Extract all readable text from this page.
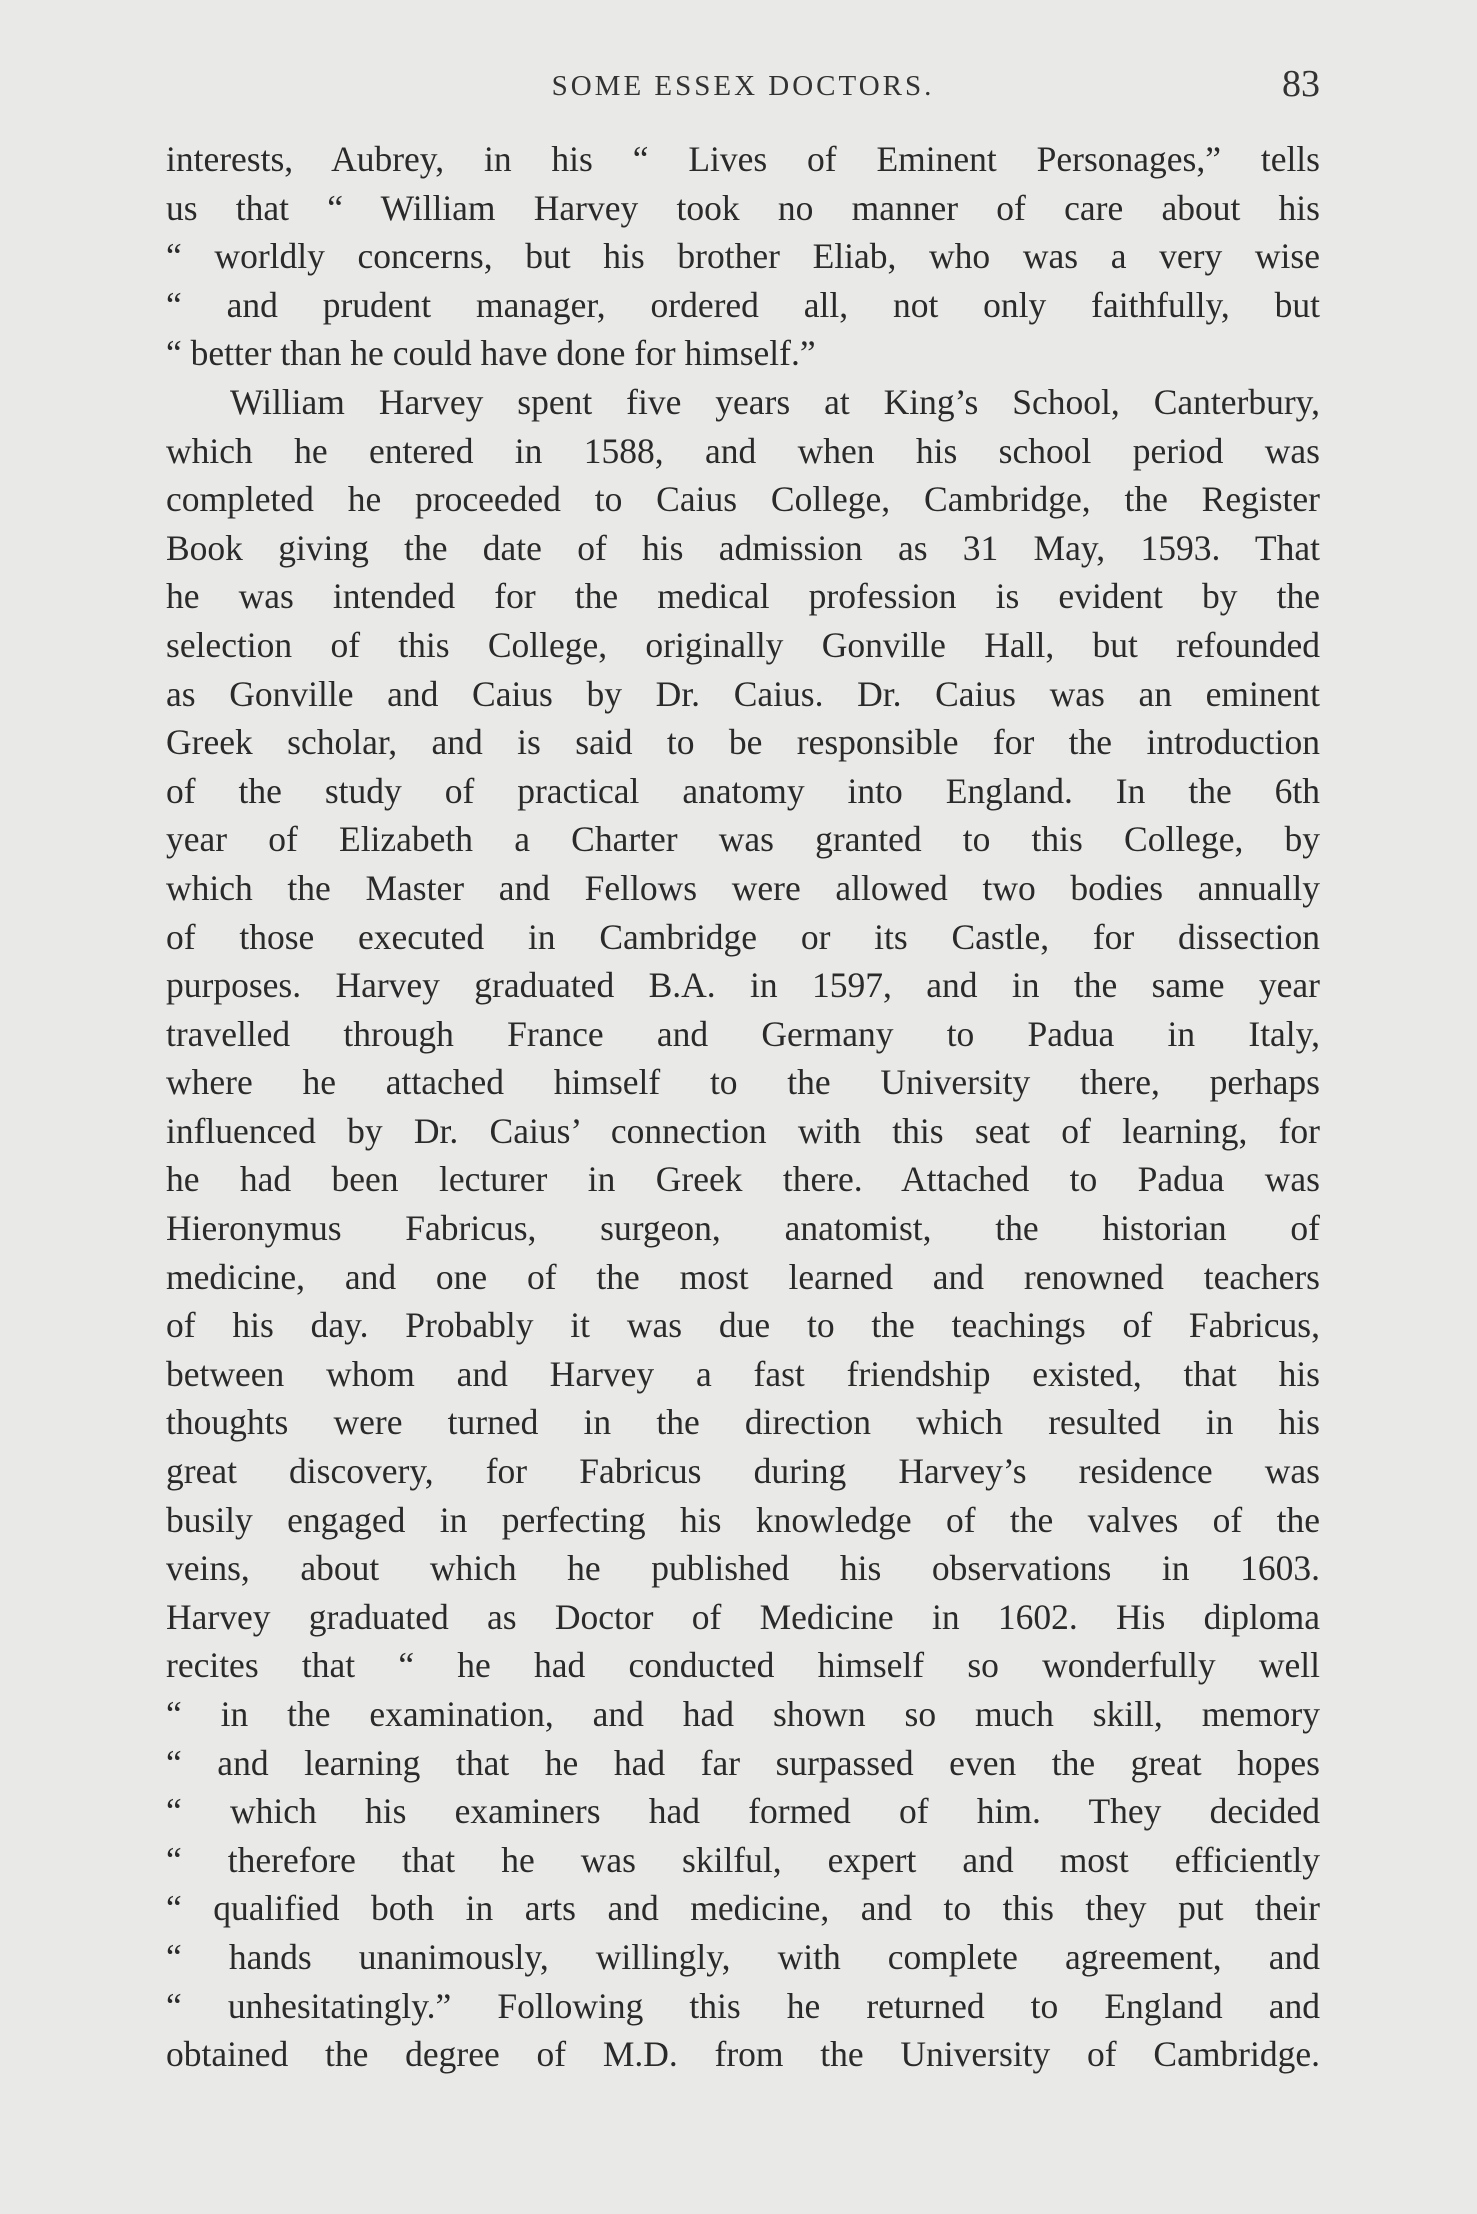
SOME ESSEX DOCTORS.	83
interests, Aubrey, in his “ Lives of Eminent Personages,” tells
us that “ William Harvey took no manner of care about his
“ worldly concerns, but his brother Eliab, who was a very wise
“ and prudent manager, ordered all, not only faithfully, but
“ better than he could have done for himself.”
William Harvey spent five years at King’s School, Canterbury,
which he entered in 1588, and when his school period was
completed he proceeded to Caius College, Cambridge, the Register
Book giving the date of his admission as 31 May, 1593. That
he was intended for the medical profession is evident by the
selection of this College, originally Gonville Hall, but refounded
as Gonville and Caius by Dr. Caius. Dr. Caius was an eminent
Greek scholar, and is said to be responsible for the introduction
of the study of practical anatomy into England. In the 6th
year of Elizabeth a Charter was granted to this College, by
which the Master and Fellows were allowed two bodies annually
of those executed in Cambridge or its Castle, for dissection
purposes. Harvey graduated B.A. in 1597, and in the same year
travelled through France and Germany to Padua in Italy,
where he attached himself to the University there, perhaps
influenced by Dr. Caius’ connection with this seat of learning, for
he had been lecturer in Greek there. Attached to Padua was
Hieronymus Fabricus, surgeon, anatomist, the historian of
medicine, and one of the most learned and renowned teachers
of his day. Probably it was due to the teachings of Fabricus,
between whom and Harvey a fast friendship existed, that his
thoughts were turned in the direction which resulted in his
great discovery, for Fabricus during Harvey’s residence was
busily engaged in perfecting his knowledge of the valves of the
veins, about which he published his observations in 1603.
Harvey graduated as Doctor of Medicine in 1602. His diploma
recites that “ he had conducted himself so wonderfully well
“ in the examination, and had shown so much skill, memory
“ and learning that he had far surpassed even the great hopes
“ which his examiners had formed of him. They decided
“ therefore that he was skilful, expert and most efficiently
“ qualified both in arts and medicine, and to this they put their
“ hands unanimously, willingly, with complete agreement, and
“ unhesitatingly.” Following this he returned to England and
obtained the degree of M.D. from the University of Cambridge.
